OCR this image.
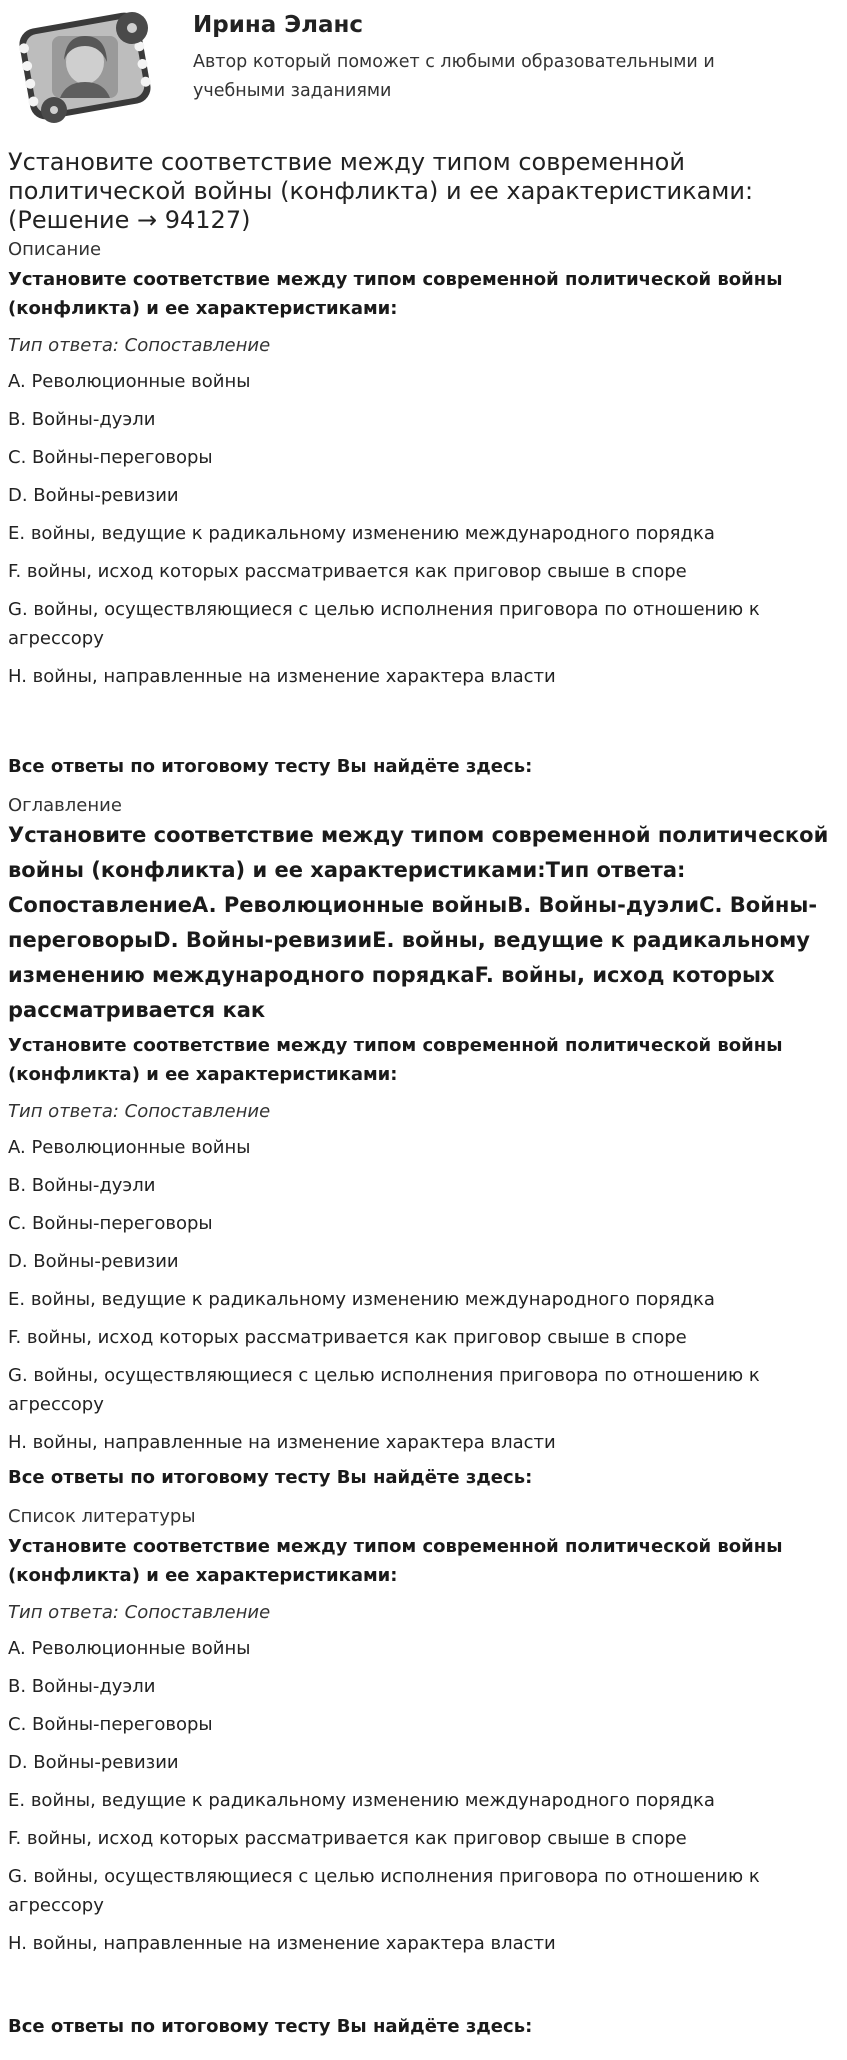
Ирина Эланс
Автор который поможет с любыми образовательными и учебными заданиями
Установите соответствие между типом современной политической войны (конфликта) и ее характеристиками: (Решение → 94127)
Описание
Установите соответствие между типом современной политической войны (конфликта) и ее характеристиками:
Тип ответа: Сопоставление
A. Революционные войны
B. Войны-дуэли
C. Войны-переговоры
D. Войны-ревизии
E. войны, ведущие к радикальному изменению международного порядка
F. войны, исход которых рассматривается как приговор свыше в споре
G. войны, осуществляющиеся с целью исполнения приговора по отношению к агрессору
H. войны, направленные на изменение характера власти
Все ответы по итоговому тесту Вы найдёте здесь:
Оглавление
Установите соответствие между типом современной политической войны (конфликта) и ее характеристиками:Тип ответа: СопоставлениеA. Революционные войныB. Войны-дуэлиC. Войны-переговорыD. Войны-ревизииE. войны, ведущие к радикальному изменению международного порядкаF. войны, исход которых рассматривается как
Установите соответствие между типом современной политической войны (конфликта) и ее характеристиками:
Тип ответа: Сопоставление
A. Революционные войны
B. Войны-дуэли
C. Войны-переговоры
D. Войны-ревизии
E. войны, ведущие к радикальному изменению международного порядка
F. войны, исход которых рассматривается как приговор свыше в споре
G. войны, осуществляющиеся с целью исполнения приговора по отношению к агрессору
H. войны, направленные на изменение характера власти
Все ответы по итоговому тесту Вы найдёте здесь:
Список литературы
Установите соответствие между типом современной политической войны (конфликта) и ее характеристиками:
Тип ответа: Сопоставление
A. Революционные войны
B. Войны-дуэли
C. Войны-переговоры
D. Войны-ревизии
E. войны, ведущие к радикальному изменению международного порядка
F. войны, исход которых рассматривается как приговор свыше в споре
G. войны, осуществляющиеся с целью исполнения приговора по отношению к агрессору
H. войны, направленные на изменение характера власти
Все ответы по итоговому тесту Вы найдёте здесь:
